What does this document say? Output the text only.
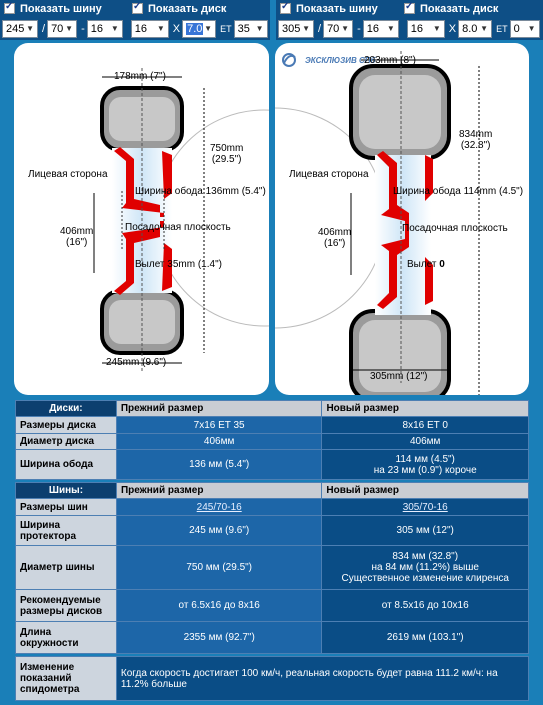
✓
Показать шину ✓	Показать диск
245 ▼ / 70 ▼ - 16 ▼ 16 ▼ X 7.0 ▼ ET 35 ▼
✓
Показать шину ✓	Показать диск
305 ▼ / 70 ▼ - 16 ▼ 16 ▼ X 8.0 ▼ ET 0 ▼
178mm (7")
750mm
(29.5")
Лицевая сторона
Ширина обода 136mm (5.4")
Посадочная плоскость
406mm
(16")
Вылет 35mm (1.4")
245mm (9.6")
ЭКСКЛЮЗИВ СПб
203mm (8")
834mm
(32.8")
Лицевая сторона
Ширина обода 114mm (4.5")
Посадочная плоскость
406mm
(16")
Вылет 0
305mm (12")
Диски:	Прежний размер	Новый размер
Размеры диска	7x16 ET 35	8x16 ET 0
Диаметр диска	406мм	406мм
Ширина обода	136 мм (5.4")	114 мм (4.5")
на 23 мм (0.9") короче
Шины:	Прежний размер	Новый размер
Размеры шин	245/70-16	305/70-16
Ширина протектора	245 мм (9.6")	305 мм (12")
Диаметр шины	750 мм (29.5")	834 мм (32.8")
на 84 мм (11.2%) выше
Существенное изменение клиренса

Рекомендуемые размеры дисков	от 6.5x16 до 8x16	от 8.5x16 до 10x16
Длина окружности	2355 мм (92.7")	2619 мм (103.1")
Изменение показаний спидометра	Когда скорость достигает 100 км/ч, реальная скорость будет равна 111.2 км/ч: на 11.2% больше
